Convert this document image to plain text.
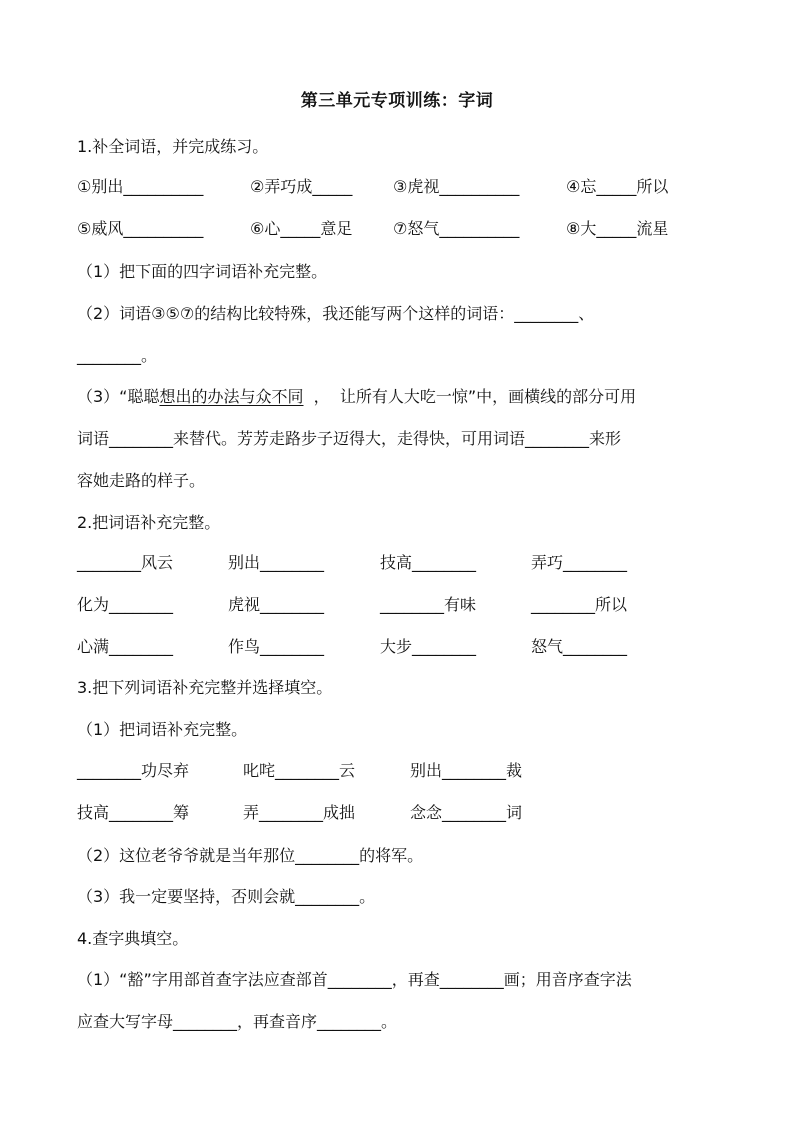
第三单元专项训练：字词
1.补全词语，并完成练习。
①别出__________	②弄巧成_____	③虎视__________	④忘_____所以
⑤威风__________	⑥心_____意足	⑦怒气__________	⑧大_____流星
（1）把下面的四字词语补充完整。
（2）词语③⑤⑦的结构比较特殊，我还能写两个这样的词语：________、
________。
（3）“聪聪想出的办法与众不同  ，  让所有人大吃一惊”中，画横线的部分可用
词语________来替代。芳芳走路步子迈得大，走得快，可用词语________来形
容她走路的样子。
2.把词语补充完整。
________风云	别出________	技高________	弄巧________
化为________	虎视________	________有味	________所以
心满________	作鸟________	大步________	怒气________
3.把下列词语补充完整并选择填空。
（1）把词语补充完整。
________功尽弃	叱咤________云	别出________裁
技高________筹	弄________成拙	念念________词
（2）这位老爷爷就是当年那位________的将军。
（3）我一定要坚持，否则会就________。
4.查字典填空。
（1）“豁”字用部首查字法应查部首________，再查________画；用音序查字法
应查大写字母________，再查音序________。
